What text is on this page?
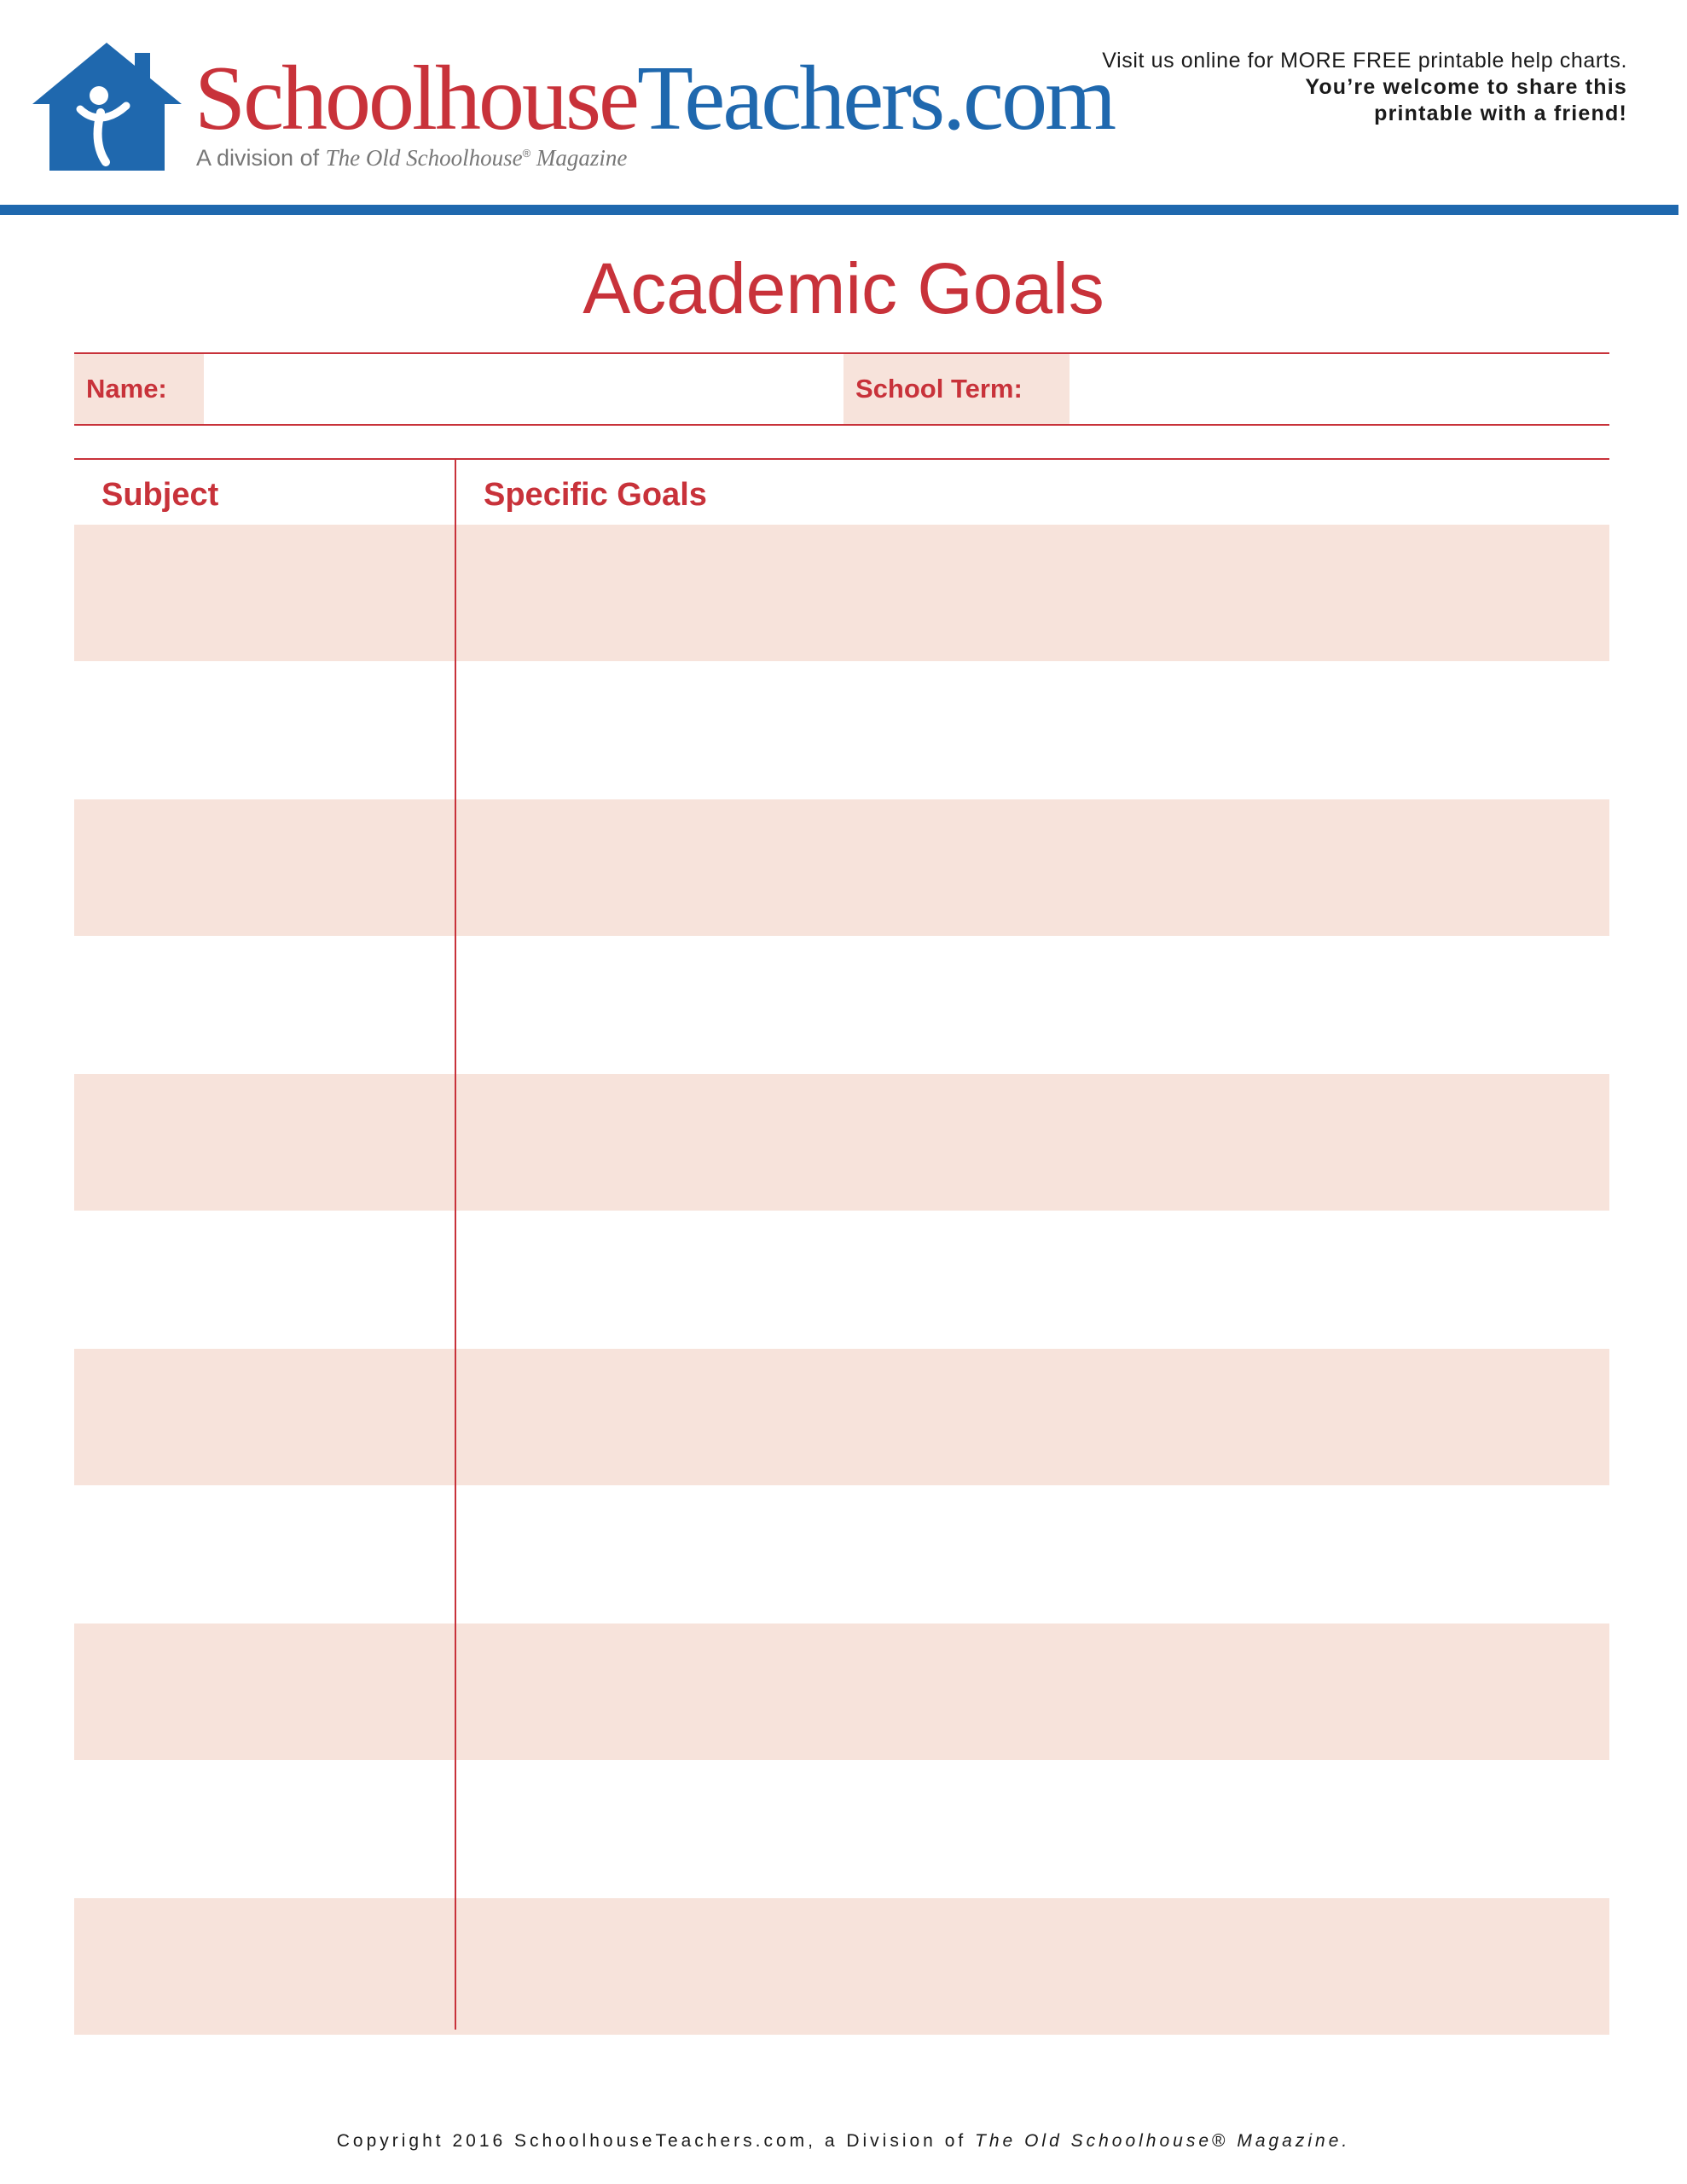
SchoolhouseTeachers.com
A division of The Old Schoolhouse® Magazine
Visit us online for MORE FREE printable help charts.
You’re welcome to share this
printable with a friend!
Academic Goals
Name:	School Term:
Subject	Specific Goals
Copyright 2016 SchoolhouseTeachers.com, a Division of The Old Schoolhouse® Magazine.
